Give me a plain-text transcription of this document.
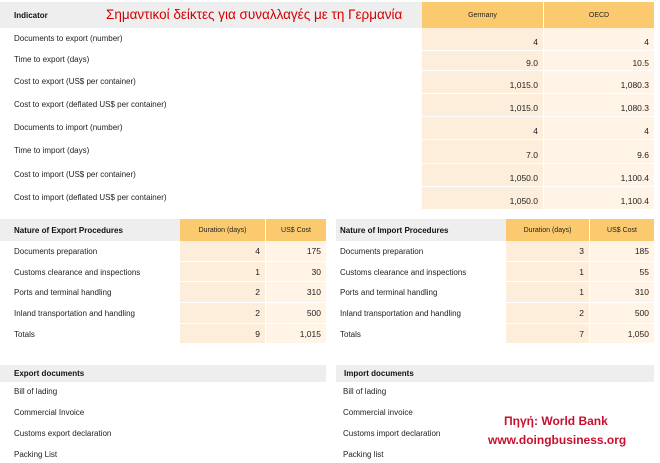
Indicator	Σημαντικοί δείκτες για συναλλαγές με τη Γερμανία	Germany	OECD
Documents to export (number)	4	4
Time to export (days)	9.0	10.5
Cost to export (US$ per container)	1,015.0	1,080.3
Cost to export (deflated US$ per container)	1,015.0	1,080.3
Documents to import (number)	4	4
Time to import (days)	7.0	9.6
Cost to import (US$ per container)	1,050.0	1,100.4
Cost to import (deflated US$ per container)	1,050.0	1,100.4
Nature of Export Procedures	Duration (days)	US$ Cost
Documents preparation	4	175
Customs clearance and inspections	1	30
Ports and terminal handling	2	310
Inland transportation and handling	2	500
Totals	9	1,015
Nature of Import Procedures	Duration (days)	US$ Cost
Documents preparation	3	185
Customs clearance and inspections	1	55
Ports and terminal handling	1	310
Inland transportation and handling	2	500
Totals	7	1,050
Export documents
Bill of lading
Commercial Invoice
Customs export declaration
Packing List
Import documents
Bill of lading
Commercial invoice
Customs import declaration
Packing list
Πηγή: World Bank
www.doingbusiness.org
